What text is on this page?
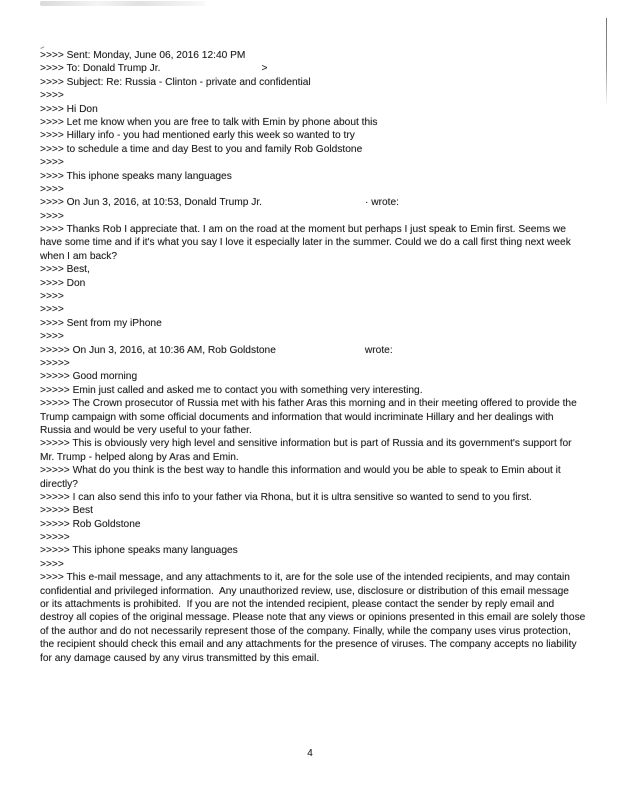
>>>> Sent: Monday, June 06, 2016 12:40 PM
>>>> To: Donald Trump Jr.	>
>>>> Subject: Re: Russia - Clinton - private and confidential
>>>>
>>>> Hi Don
>>>> Let me know when you are free to talk with Emin by phone about this
>>>> Hillary info - you had mentioned early this week so wanted to try
>>>> to schedule a time and day Best to you and family Rob Goldstone
>>>>
>>>> This iphone speaks many languages
>>>>
>>>> On Jun 3, 2016, at 10:53, Donald Trump Jr.	· wrote:
>>>>
>>>> Thanks Rob I appreciate that. I am on the road at the moment but perhaps I just speak to Emin first. Seems we
have some time and if it's what you say I love it especially later in the summer. Could we do a call first thing next week
when I am back?
>>>> Best,
>>>> Don
>>>>
>>>>
>>>> Sent from my iPhone
>>>>
>>>>> On Jun 3, 2016, at 10:36 AM, Rob Goldstone	wrote:
>>>>>
>>>>> Good morning
>>>>> Emin just called and asked me to contact you with something very interesting.
>>>>> The Crown prosecutor of Russia met with his father Aras this morning and in their meeting offered to provide the
Trump campaign with some official documents and information that would incriminate Hillary and her dealings with
Russia and would be very useful to your father.
>>>>> This is obviously very high level and sensitive information but is part of Russia and its government's support for
Mr. Trump - helped along by Aras and Emin.
>>>>> What do you think is the best way to handle this information and would you be able to speak to Emin about it
directly?
>>>>> I can also send this info to your father via Rhona, but it is ultra sensitive so wanted to send to you first.
>>>>> Best
>>>>> Rob Goldstone
>>>>>
>>>>> This iphone speaks many languages
>>>>
>>>> This e-mail message, and any attachments to it, are for the sole use of the intended recipients, and may contain
confidential and privileged information.  Any unauthorized review, use, disclosure or distribution of this email message
or its attachments is prohibited.  If you are not the intended recipient, please contact the sender by reply email and
destroy all copies of the original message. Please note that any views or opinions presented in this email are solely those
of the author and do not necessarily represent those of the company. Finally, while the company uses virus protection,
the recipient should check this email and any attachments for the presence of viruses. The company accepts no liability
for any damage caused by any virus transmitted by this email.
4
